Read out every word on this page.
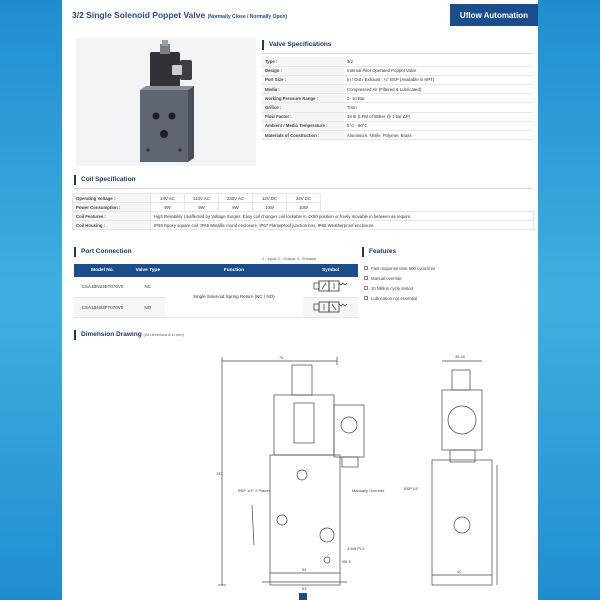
3/2 Single Solenoid Poppet Valve (Normally Close / Normally Open)	Uflow Automation
Valve Specifications
Type :	3/2
Design :	Internal Pilot Operated Poppet Valve
Port Size :	In / Out / Exhaust : ¼" BSP (Available in NPT)
Media :	Compressed Air (Filtered & Lubricated)
working Pressure Range :	2- 10 Bar
Orifice :	7mm
Flow Factor :	18 ltr (LPM of Water @ 1 bar ΔP)
Ambient / Media Temperature :	5°C - 60°C
Materials of Construction :	Aluminium, Nitrile, Polymer, Brass
Coil Specification
Operating Voltage :	24V AC	110V AC	230V AC	12V DC	24V DC	
Power Consumption :	9W	9W	9W	10W	10W	
Coil Features :	High Reliability Unaffected by Voltage Surges. Easy coil changes coil lockable in 4X90 position or freely movable in between as require.					
Coil Housing :	IP65 Epoxy square coil, IP65 Metallic round enclosure, IP67 Flameproof junction box, IP66 Weatherproof enclosure.					
Port Connection
1 - Input, 2 - Output, 3 - Exhaust
Model No.	Valve Type	Function	Symbol
CSA1BN23ET070V0	NC	Single Solenoid Spring Return (NC / NO)	
CSA1BN23FT070V0	NO	
Features
Fast response time 600 cycle/min
Manual override
10 Million cycle tested
Lubrication not essential
Dimension Drawing (All dimensions in mm)
75	35.40
142
BSP 1/4" 2 Places	Manually Override	BSP1/4"
4-M5 PLS
Ø5.5
54
63
40
